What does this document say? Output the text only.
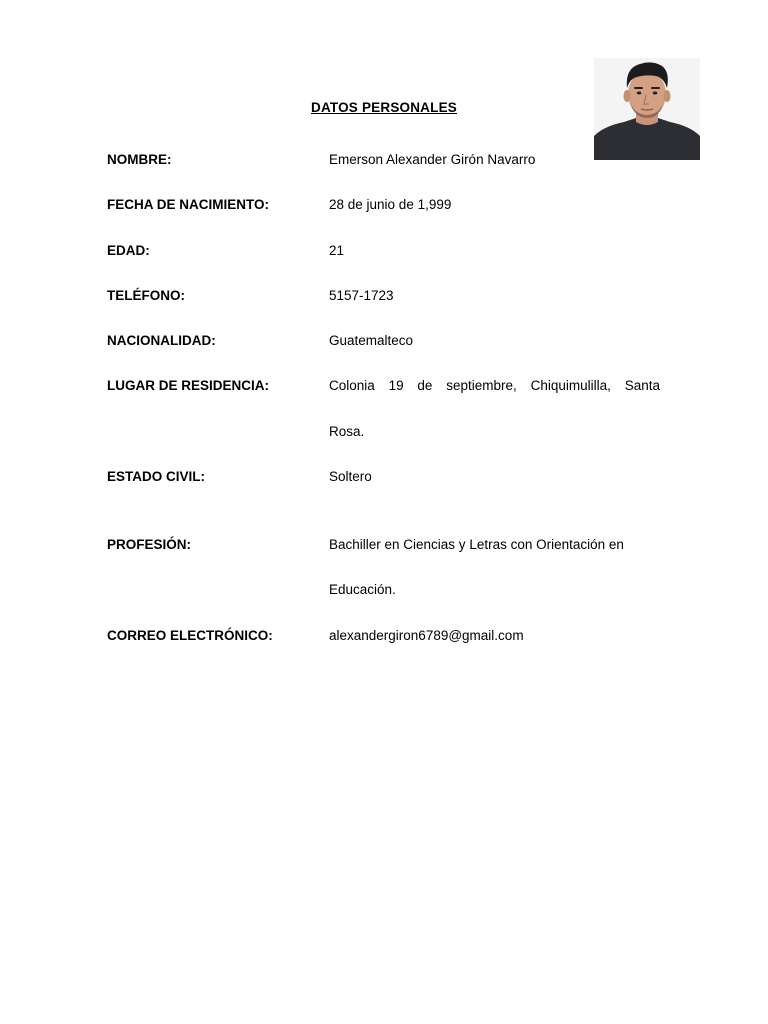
DATOS PERSONALES
NOMBRE:	Emerson Alexander Girón Navarro
FECHA DE NACIMIENTO:	28 de junio de 1,999
EDAD:	21
TELÉFONO:	5157-1723
NACIONALIDAD:	Guatemalteco
LUGAR DE RESIDENCIA:	Colonia 19 de septiembre, Chiquimulilla, Santa
Rosa.
ESTADO CIVIL:	Soltero
PROFESIÓN:	Bachiller en Ciencias y Letras con Orientación en
Educación.
CORREO ELECTRÓNICO:	alexandergiron6789@gmail.com
